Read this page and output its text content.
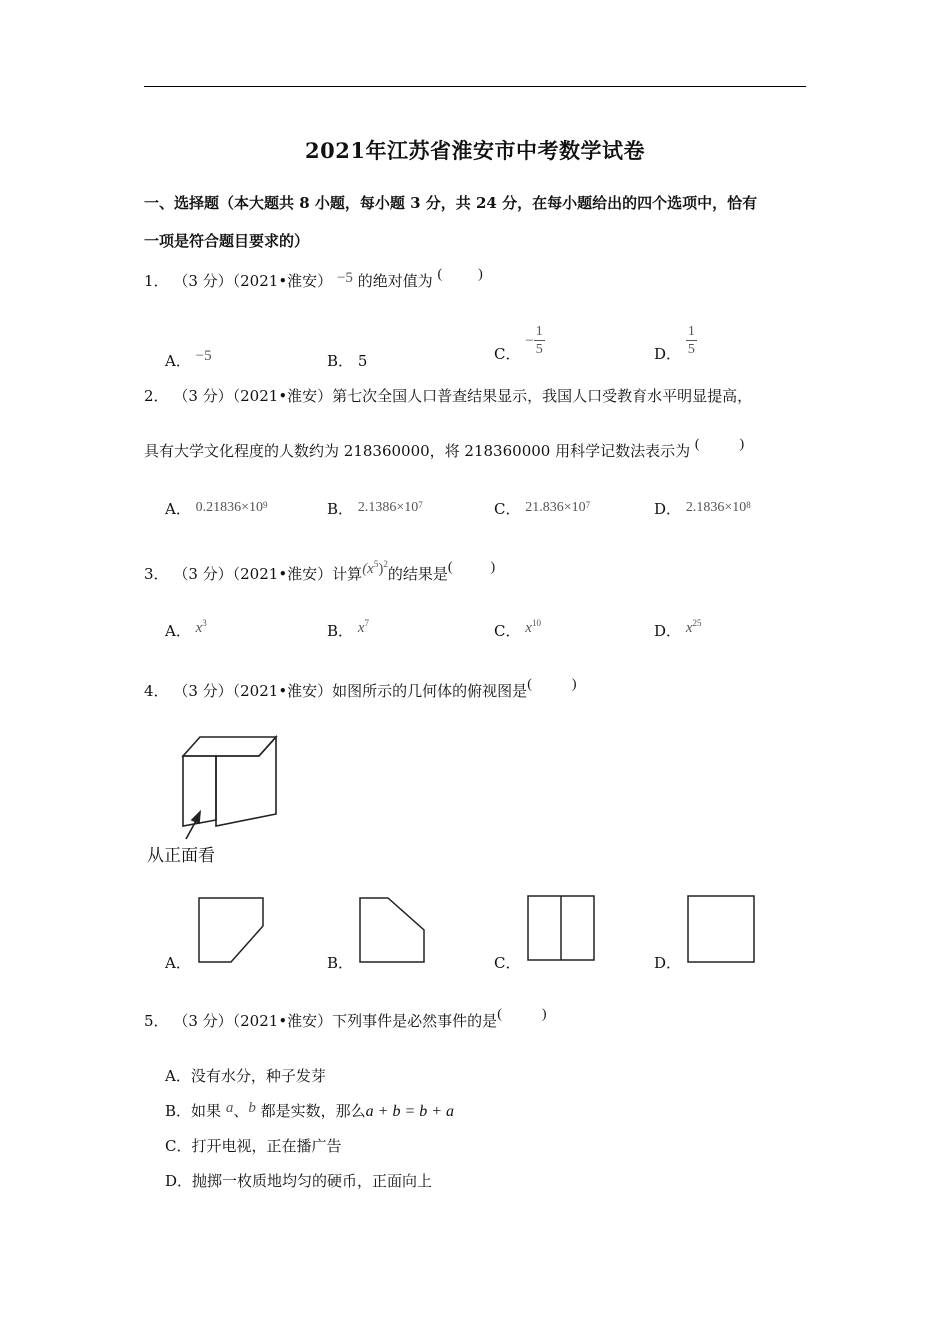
2021年江苏省淮安市中考数学试卷
一、选择题（本大题共 8 小题，每小题 3 分，共 24 分，在每小题给出的四个选项中，恰有
一项是符合题目要求的）
1． （3 分）（2021•淮安） −5 的绝对值为 (	)
A． −5	B． 5	C． − $\frac{1}{5}$	D． $\frac{1}{5}$
2． （3 分）（2021•淮安）第七次全国人口普查结果显示，我国人口受教育水平明显提高，
具有大学文化程度的人数约为 218360000，将 218360000 用科学记数法表示为 (	)
A． $0.21836\times 10^9$	B． $2.1386\times 10^7$	C． $21.836\times 10^7$	D． $2.1836\times 10^8$
3． （3 分）（2021•淮安）计算$(x^5)^2$的结果是(	)
A． $x^3$	B． $x^7$	C． $x^{10}$	D． $x^{25}$
4． （3 分）（2021•淮安）如图所示的几何体的俯视图是(	)
从正面看
A．	B．	C．	D．
5． （3 分）（2021•淮安）下列事件是必然事件的是(	)
A．没有水分，种子发芽
B．如果 a、b 都是实数，那么a + b = b + a
C．打开电视，正在播广告
D．抛掷一枚质地均匀的硬币，正面向上
